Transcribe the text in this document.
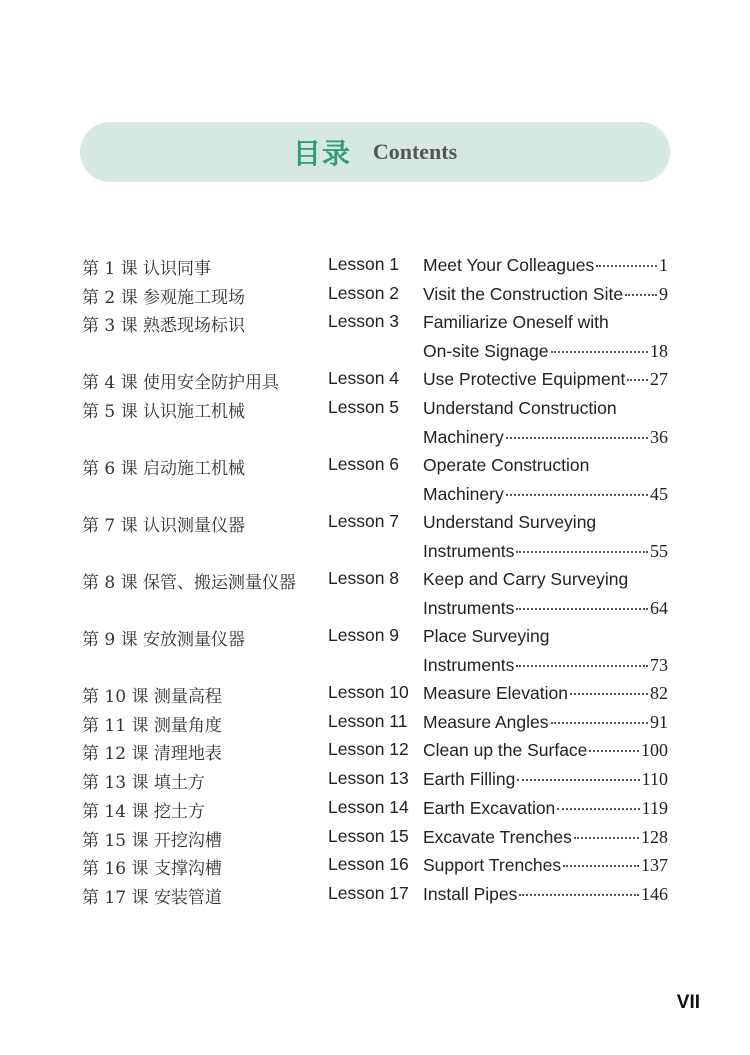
目录 Contents
第 1 课 认识同事	Lesson 1 Meet Your Colleagues	1
第 2 课 参观施工现场	Lesson 2 Visit the Construction Site 9
第 3 课 熟悉现场标识	Lesson 3 Familiarize Oneself with
On-site Signage	18
第 4 课 使用安全防护用具	Lesson 4 Use Protective Equipment 27
第 5 课 认识施工机械	Lesson 5 Understand Construction
Machinery	36
第 6 课 启动施工机械	Lesson 6 Operate Construction
Machinery	45
第 7 课 认识测量仪器	Lesson 7 Understand Surveying
Instruments	55
第 8 课 保管、搬运测量仪器 Lesson 8 Keep and Carry Surveying
Instruments	64
第 9 课 安放测量仪器	Lesson 9 Place Surveying
Instruments	73
第 10 课 测量高程	Lesson 10 Measure Elevation	82
第 11 课 测量角度	Lesson 11 Measure Angles	91
第 12 课 清理地表	Lesson 12 Clean up the Surface	100
第 13 课 填土方	Lesson 13 Earth Filling	110
第 14 课 挖土方	Lesson 14 Earth Excavation	119
第 15 课 开挖沟槽	Lesson 15 Excavate Trenches	128
第 16 课 支撑沟槽	Lesson 16 Support Trenches	137
第 17 课 安装管道	Lesson 17 Install Pipes	146
VII
